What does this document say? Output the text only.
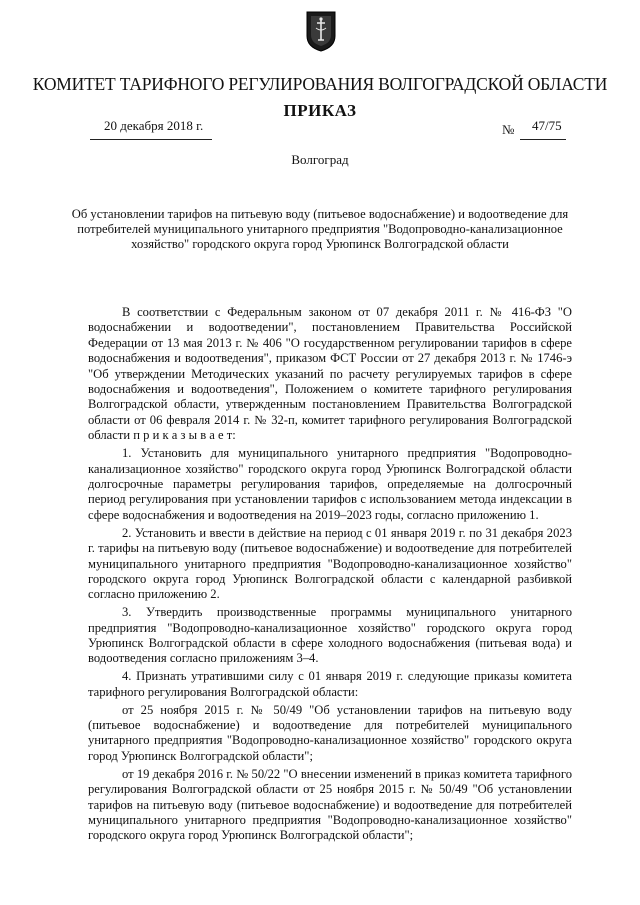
КОМИТЕТ ТАРИФНОГО РЕГУЛИРОВАНИЯ ВОЛГОГРАДСКОЙ ОБЛАСТИ
ПРИКАЗ
20 декабря 2018 г.	№ 47/75
Волгоград
Об установлении тарифов на питьевую воду (питьевое водоснабжение) и водоотведение для потребителей муниципального унитарного предприятия "Водопроводно-канализационное хозяйство" городского округа город Урюпинск Волгоградской области

В соответствии с Федеральным законом от 07 декабря 2011 г. № 416-ФЗ "О водоснабжении и водоотведении", постановлением Правительства Российской Федерации от 13 мая 2013 г. № 406 "О государственном регулировании тарифов в сфере водоснабжения и водоотведения", приказом ФСТ России от 27 декабря 2013 г. № 1746-э "Об утверждении Методических указаний по расчету регулируемых тарифов в сфере водоснабжения и водоотведения", Положением о комитете тарифного регулирования Волгоградской области, утвержденным постановлением Правительства Волгоградской области от 06 февраля 2014 г. № 32-п, комитет тарифного регулирования Волгоградской области п р и к а з ы в а е т:

1. Установить для муниципального унитарного предприятия "Водопроводно-канализационное хозяйство" городского округа город Урюпинск Волгоградской области долгосрочные параметры регулирования тарифов, определяемые на долгосрочный период регулирования при установлении тарифов с использованием метода индексации в сфере водоснабжения и водоотведения на 2019–2023 годы, согласно приложению 1.

2. Установить и ввести в действие на период с 01 января 2019 г. по 31 декабря 2023 г. тарифы на питьевую воду (питьевое водоснабжение) и водоотведение для потребителей муниципального унитарного предприятия "Водопроводно-канализационное хозяйство" городского округа город Урюпинск Волгоградской области с календарной разбивкой согласно приложению 2.

3. Утвердить производственные программы муниципального унитарного предприятия "Водопроводно-канализационное хозяйство" городского округа город Урюпинск Волгоградской области в сфере холодного водоснабжения (питьевая вода) и водоотведения согласно приложениям 3–4.

4. Признать утратившими силу с 01 января 2019 г. следующие приказы комитета тарифного регулирования Волгоградской области:

от 25 ноября 2015 г. № 50/49 "Об установлении тарифов на питьевую воду (питьевое водоснабжение) и водоотведение для потребителей муниципального унитарного предприятия "Водопроводно-канализационное хозяйство" городского округа город Урюпинск Волгоградской области";

от 19 декабря 2016 г. № 50/22 "О внесении изменений в приказ комитета тарифного регулирования Волгоградской области от 25 ноября 2015 г. № 50/49 "Об установлении тарифов на питьевую воду (питьевое водоснабжение) и водоотведение для потребителей муниципального унитарного предприятия "Водопроводно-канализационное хозяйство" городского округа город Урюпинск Волгоградской области";
